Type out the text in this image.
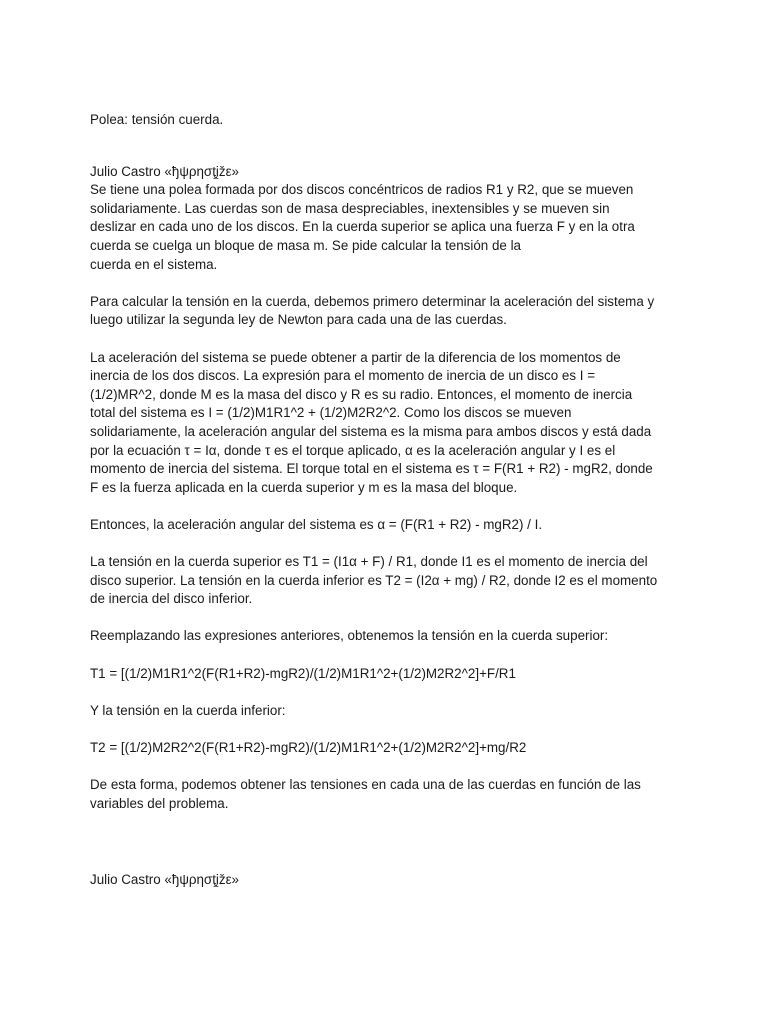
Polea: tensión cuerda.

Julio Castro «ђψρησţįžε»

Se tiene una polea formada por dos discos concéntricos de radios R1 y R2, que se mueven
solidariamente. Las cuerdas son de masa despreciables, inextensibles y se mueven sin
deslizar en cada uno de los discos. En la cuerda superior se aplica una fuerza F y en la otra
cuerda se cuelga un bloque de masa m. Se pide calcular la tensión de la
cuerda en el sistema.

Para calcular la tensión en la cuerda, debemos primero determinar la aceleración del sistema y
luego utilizar la segunda ley de Newton para cada una de las cuerdas.

La aceleración del sistema se puede obtener a partir de la diferencia de los momentos de
inercia de los dos discos. La expresión para el momento de inercia de un disco es I =
(1/2)MR^2, donde M es la masa del disco y R es su radio. Entonces, el momento de inercia
total del sistema es I = (1/2)M1R1^2 + (1/2)M2R2^2. Como los discos se mueven
solidariamente, la aceleración angular del sistema es la misma para ambos discos y está dada
por la ecuación τ = Iα, donde τ es el torque aplicado, α es la aceleración angular y I es el
momento de inercia del sistema. El torque total en el sistema es τ = F(R1 + R2) - mgR2, donde
F es la fuerza aplicada en la cuerda superior y m es la masa del bloque.

Entonces, la aceleración angular del sistema es α = (F(R1 + R2) - mgR2) / I.

La tensión en la cuerda superior es T1 = (I1α + F) / R1, donde I1 es el momento de inercia del
disco superior. La tensión en la cuerda inferior es T2 = (I2α + mg) / R2, donde I2 es el momento
de inercia del disco inferior.

Reemplazando las expresiones anteriores, obtenemos la tensión en la cuerda superior:

T1 = [(1/2)M1R1^2(F(R1+R2)-mgR2)/(1/2)M1R1^2+(1/2)M2R2^2]+F/R1

Y la tensión en la cuerda inferior:

T2 = [(1/2)M2R2^2(F(R1+R2)-mgR2)/(1/2)M1R1^2+(1/2)M2R2^2]+mg/R2

De esta forma, podemos obtener las tensiones en cada una de las cuerdas en función de las
variables del problema.

Julio Castro «ђψρησţįžε»
